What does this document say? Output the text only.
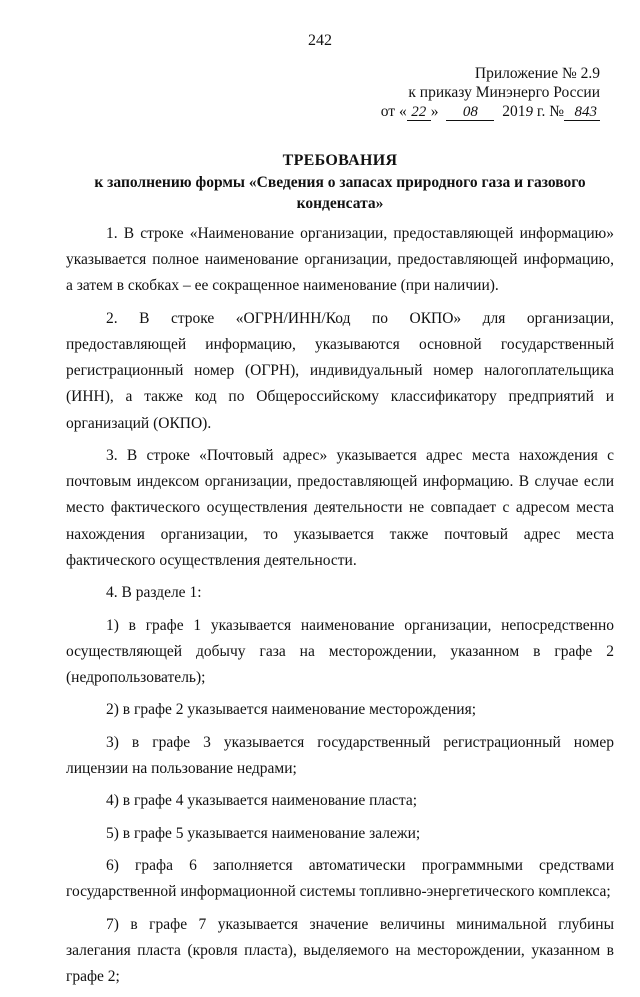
242
Приложение № 2.9
к приказу Минэнерго России
от « 22 » 08 2019 г. № 843
ТРЕБОВАНИЯ
к заполнению формы «Сведения о запасах природного газа и газового конденсата»

1. В строке «Наименование организации, предоставляющей информацию» указывается полное наименование организации, предоставляющей информацию, а затем в скобках – ее сокращенное наименование (при наличии).

2. В строке «ОГРН/ИНН/Код по ОКПО» для организации, предоставляющей информацию, указываются основной государственный регистрационный номер (ОГРН), индивидуальный номер налогоплательщика (ИНН), а также код по Общероссийскому классификатору предприятий и организаций (ОКПО).

3. В строке «Почтовый адрес» указывается адрес места нахождения с почтовым индексом организации, предоставляющей информацию. В случае если место фактического осуществления деятельности не совпадает с адресом места нахождения организации, то указывается также почтовый адрес места фактического осуществления деятельности.

4. В разделе 1:

1) в графе 1 указывается наименование организации, непосредственно осуществляющей добычу газа на месторождении, указанном в графе 2 (недропользователь);

2) в графе 2 указывается наименование месторождения;

3) в графе 3 указывается государственный регистрационный номер лицензии на пользование недрами;

4) в графе 4 указывается наименование пласта;

5) в графе 5 указывается наименование залежи;

6) графа 6 заполняется автоматически программными средствами государственной информационной системы топливно-энергетического комплекса;

7) в графе 7 указывается значение величины минимальной глубины залегания пласта (кровля пласта), выделяемого на месторождении, указанном в графе 2;
